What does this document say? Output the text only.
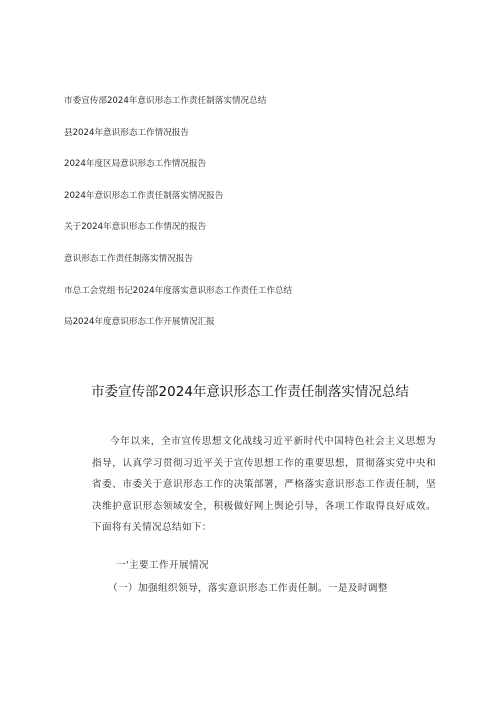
市委宣传部2024年意识形态工作责任制落实情况总结
县2024年意识形态工作情况报告
2024年度区局意识形态工作情况报告
2024年意识形态工作责任制落实情况报告
关于2024年意识形态工作情况的报告
意识形态工作责任制落实情况报告
市总工会党组书记2024年度落实意识形态工作责任工作总结
局2024年度意识形态工作开展情况汇报
市委宣传部2024年意识形态工作责任制落实情况总结

今年以来，全市宣传思想文化战线习近平新时代中国特色社会主义思想为指导，认真学习贯彻习近平关于宣传思想工作的重要思想，贯彻落实党中央和省委、市委关于意识形态工作的决策部署，严格落实意识形态工作责任制，坚决维护意识形态领域安全，积极做好网上舆论引导，各项工作取得良好成效。下面将有关情况总结如下：

一'主要工作开展情况
（一）加强组织领导，落实意识形态工作责任制。一是及时调整
